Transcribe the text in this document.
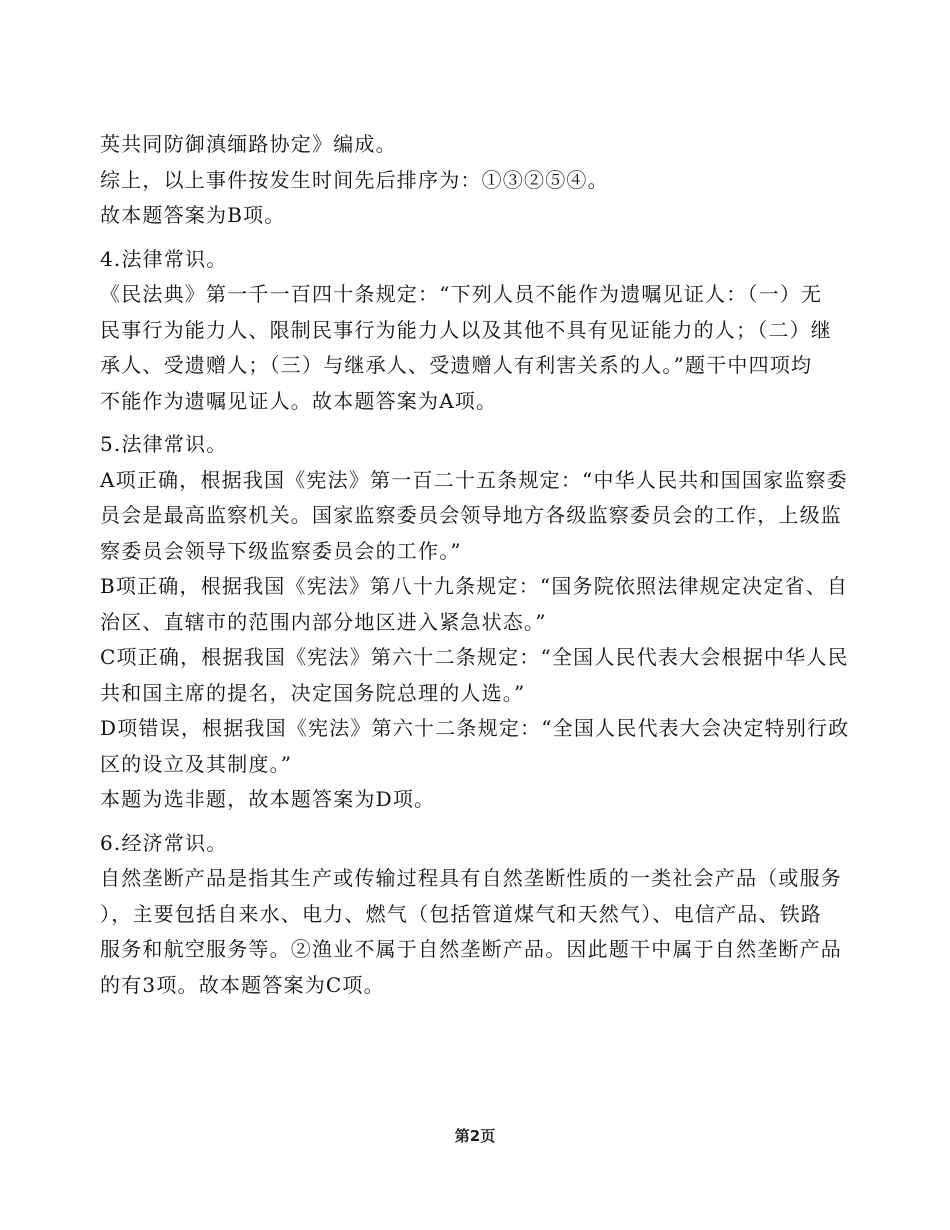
英共同防御滇缅路协定》编成。
综上，以上事件按发生时间先后排序为：①③②⑤④。
故本题答案为B项。
4.法律常识。
《民法典》第一千一百四十条规定：“下列人员不能作为遗嘱见证人：（一）无
民事行为能力人、限制民事行为能力人以及其他不具有见证能力的人；（二）继
承人、受遗赠人；（三）与继承人、受遗赠人有利害关系的人。”题干中四项均
不能作为遗嘱见证人。故本题答案为A项。
5.法律常识。
A项正确，根据我国《宪法》第一百二十五条规定：“中华人民共和国国家监察委
员会是最高监察机关。国家监察委员会领导地方各级监察委员会的工作，上级监
察委员会领导下级监察委员会的工作。”
B项正确，根据我国《宪法》第八十九条规定：“国务院依照法律规定决定省、自
治区、直辖市的范围内部分地区进入紧急状态。”
C项正确，根据我国《宪法》第六十二条规定：“全国人民代表大会根据中华人民
共和国主席的提名，决定国务院总理的人选。”
D项错误，根据我国《宪法》第六十二条规定：“全国人民代表大会决定特别行政
区的设立及其制度。”
本题为选非题，故本题答案为D项。
6.经济常识。
自然垄断产品是指其生产或传输过程具有自然垄断性质的一类社会产品（或服务
），主要包括自来水、电力、燃气（包括管道煤气和天然气）、电信产品、铁路
服务和航空服务等。②渔业不属于自然垄断产品。因此题干中属于自然垄断产品
的有3项。故本题答案为C项。
第2页
